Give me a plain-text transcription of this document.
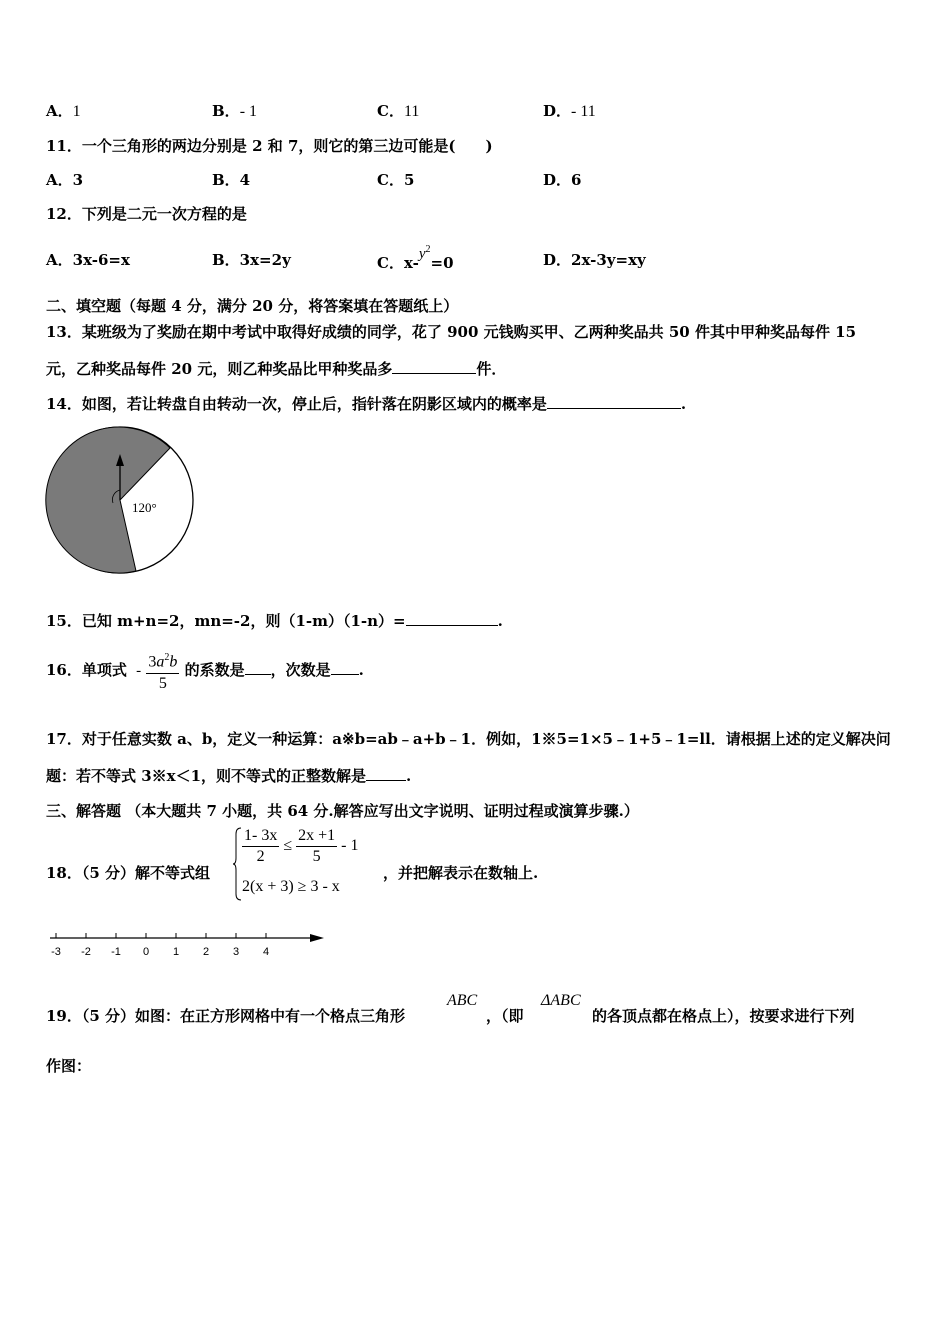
A．1	B．- 1	C．11	D．- 11
11．一个三角形的两边分别是 2 和 7，则它的第三边可能是(　　)
A．3	B．4	C．5	D．6
12．下列是二元一次方程的是
A．3x-6=x	B．3x=2y	C．$x-y^2=0$	D．2x-3y=xy
二、填空题（每题 4 分，满分 20 分，将答案填在答题纸上）
13．某班级为了奖励在期中考试中取得好成绩的同学，花了 900 元钱购买甲、乙两种奖品共 50 件其中甲种奖品每件 15
元，乙种奖品每件 20 元，则乙种奖品比甲种奖品多	件．
14．如图，若让转盘自由转动一次，停止后，指针落在阴影区域内的概率是	.
120°
15．已知 m+n=2，mn=-2，则（1-m）（1-n）=	.
16．单项式 - $\frac{3a^2b}{5}$ 的系数是 ，次数是 .
17．对于任意实数 a、b，定义一种运算：a※b=ab﹣a+b﹣1．例如，1※5=1×5﹣1+5﹣1=ll．请根据上述的定义解决问
题：若不等式 3※x＜1，则不等式的正整数解是	.
三、解答题 （本大题共 7 小题，共 64 分.解答应写出文字说明、证明过程或演算步骤.）
18．（5 分）解不等式组
$\frac{1- 3x}{2} \le \frac{2x +1}{5} - 1$
2(x + 3) ≥ 3 - x
，并把解表示在数轴上.
-3 -2 -1 0 1 2 3 4
19．（5 分）如图：在正方形网格中有一个格点三角形
ABC
，（即
ΔABC
的各顶点都在格点上），按要求进行下列
作图：
